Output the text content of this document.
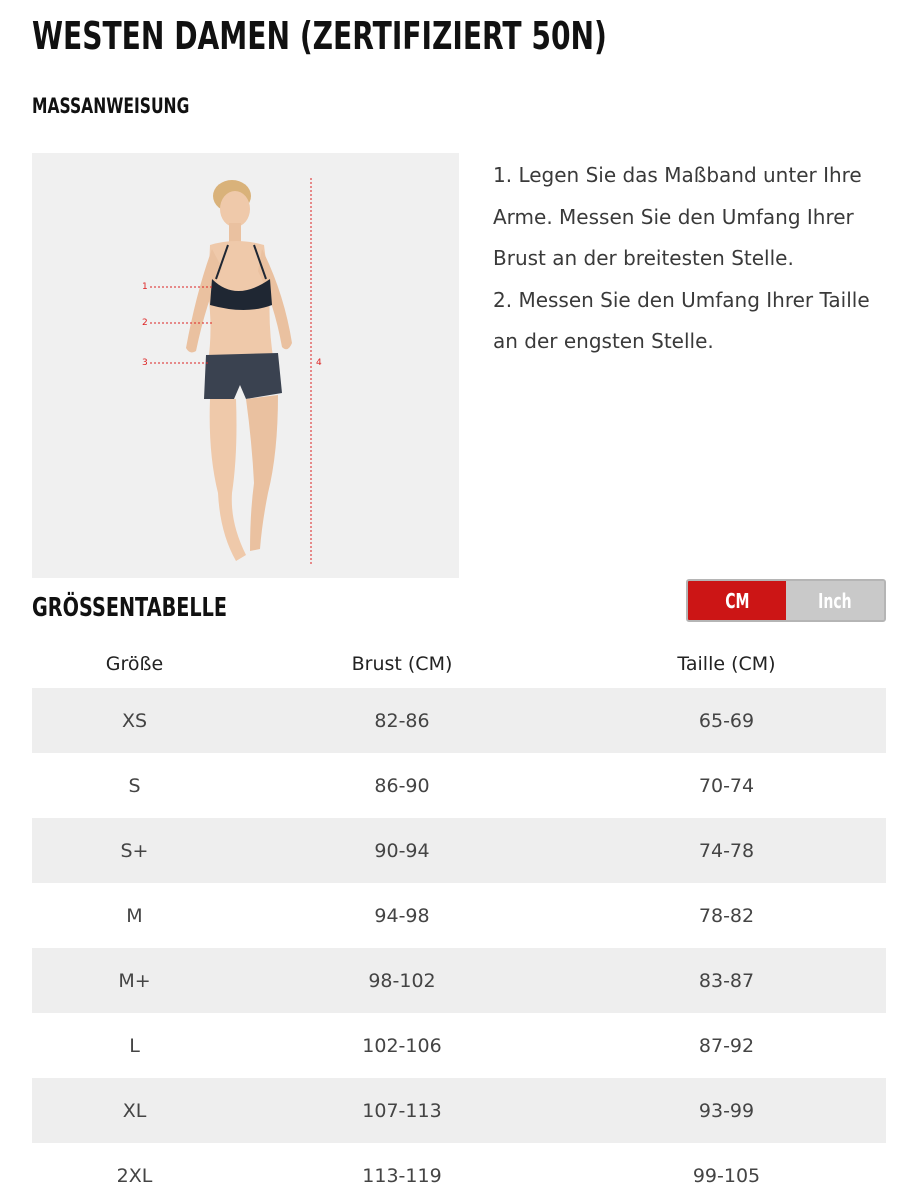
WESTEN DAMEN (ZERTIFIZIERT 50N)
MASSANWEISUNG
1
2
3	4

1. Legen Sie das Maßband unter Ihre Arme. Messen Sie den Umfang Ihrer Brust an der breitesten Stelle.

2. Messen Sie den Umfang Ihrer Taille an der engsten Stelle.

GRÖSSENTABELLE	CM	Inch
Größe	Brust (CM)	Taille (CM)
XS	82-86	65-69
S	86-90	70-74
S+	90-94	74-78
M	94-98	78-82
M+	98-102	83-87
L	102-106	87-92
XL	107-113	93-99
2XL	113-119	99-105
